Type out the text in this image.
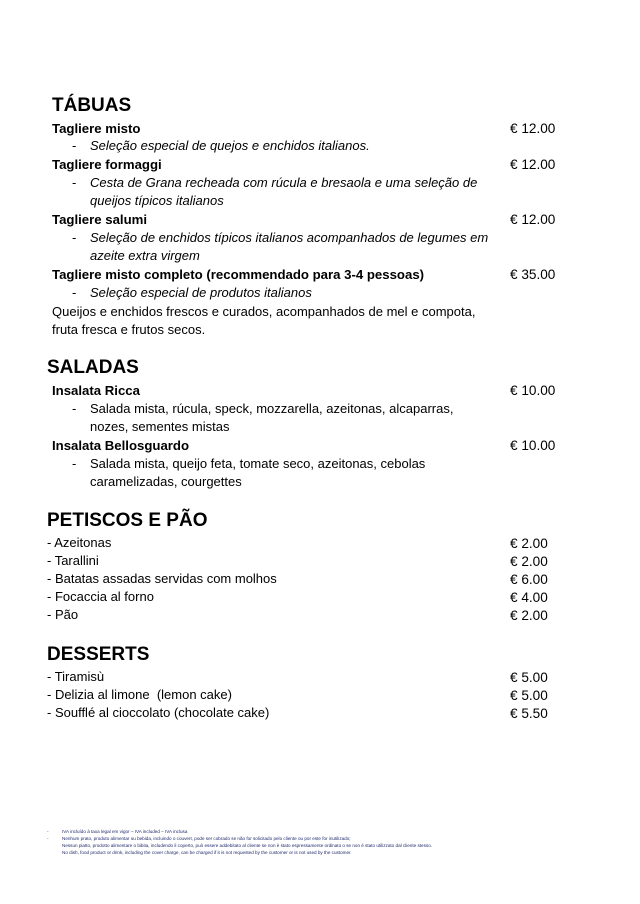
TÁBUAS
Tagliere misto	€ 12.00
- Seleção especial de quejos e enchidos italianos.
Tagliere formaggi	€ 12.00
- Cesta de Grana recheada com rúcula e bresaola e uma seleção de queijos típicos italianos
Tagliere salumi	€ 12.00
- Seleção de enchidos típicos italianos acompanhados de legumes em azeite extra virgem
Tagliere misto completo (recommendado para 3-4 pessoas)	€ 35.00
- Seleção especial de produtos italianos
Queijos e enchidos frescos e curados, acompanhados de mel e compota, fruta fresca e frutos secos.
SALADAS
Insalata Ricca	€ 10.00
- Salada mista, rúcula, speck, mozzarella, azeitonas, alcaparras, nozes, sementes mistas
Insalata Bellosguardo	€ 10.00
- Salada mista, queijo feta, tomate seco, azeitonas, cebolas caramelizadas, courgettes
PETISCOS E PÃO
- Azeitonas	€ 2.00
- Tarallini	€ 2.00
- Batatas assadas servidas com molhos	€ 6.00
- Focaccia al forno	€ 4.00
- Pão	€ 2.00
DESSERTS
- Tiramisù	€ 5.00
- Delizia al limone  (lemon cake)	€ 5.00
- Soufflé al cioccolato (chocolate cake)	€ 5.50
-	IVA incluído à taxa legal em vigor – IVA included – IVA inclusa
-	Nenhum prato, produto alimentar ou bebida, incluindo o couvert, pode ser cobrado se não for solicitado pelo cliente ou por este for inutilizado;
Nessun piatto, prodotto alimentare o bibita, includendo il coperto, può essere addebitato al cliente se non è stato espressamente ordinato o se non è stato utilizzato dal cliente stesso.
No dish, food product or drink, including the cover charge, can be charged if it is not requested by the customer or is not used by the customer.
